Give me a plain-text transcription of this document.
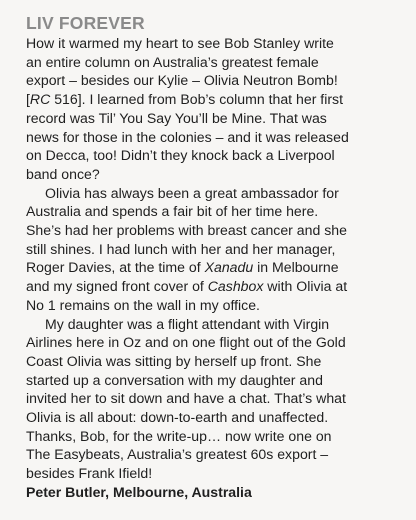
LIV FOREVER
How it warmed my heart to see Bob Stanley write
an entire column on Australia’s greatest female
export – besides our Kylie – Olivia Neutron Bomb!
[RC 516]. I learned from Bob’s column that her first
record was Til’ You Say You’ll be Mine. That was
news for those in the colonies – and it was released
on Decca, too! Didn’t they knock back a Liverpool
band once?
Olivia has always been a great ambassador for
Australia and spends a fair bit of her time here.
She’s had her problems with breast cancer and she
still shines. I had lunch with her and her manager,
Roger Davies, at the time of Xanadu in Melbourne
and my signed front cover of Cashbox with Olivia at
No 1 remains on the wall in my office.
My daughter was a flight attendant with Virgin
Airlines here in Oz and on one flight out of the Gold
Coast Olivia was sitting by herself up front. She
started up a conversation with my daughter and
invited her to sit down and have a chat. That’s what
Olivia is all about: down-to-earth and unaffected.
Thanks, Bob, for the write-up… now write one on
The Easybeats, Australia’s greatest 60s export –
besides Frank Ifield!
Peter Butler, Melbourne, Australia
